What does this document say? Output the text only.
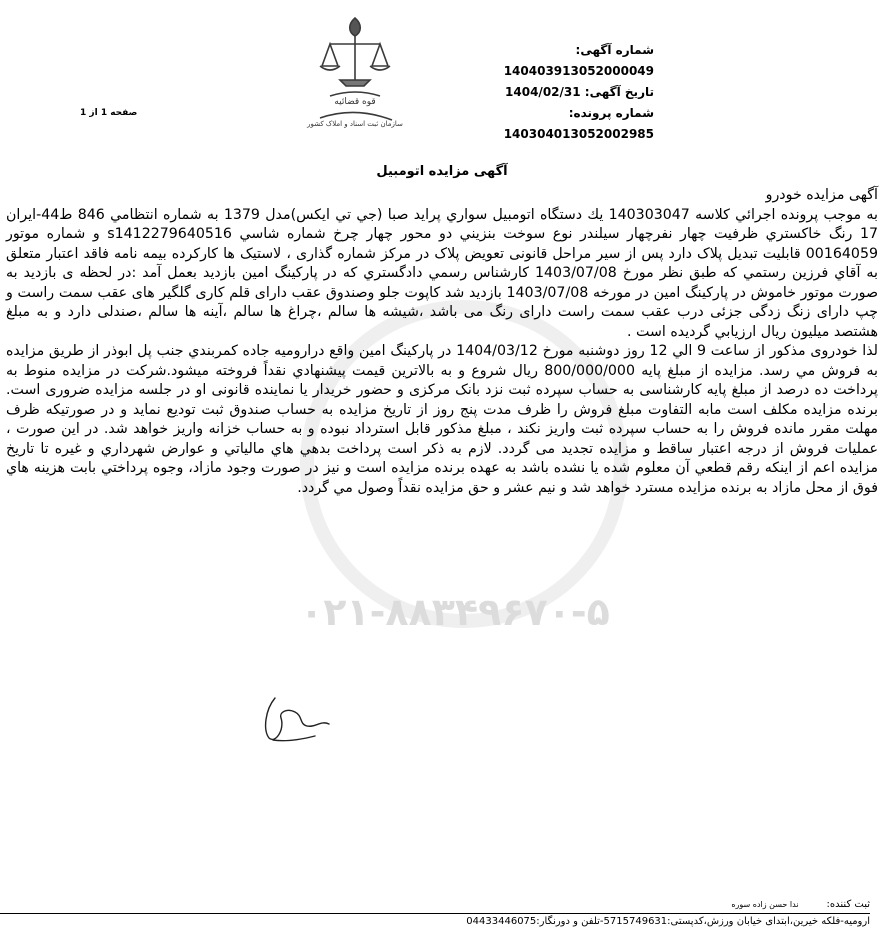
شماره آگهی: 140403913052000049
تاریخ آگهی: 1404/02/31
شماره پرونده: 140304013052002985
قوه قضائیه
سازمان ثبت اسناد و املاک کشور
صفحه 1 از 1
آگهی مزایده اتومبیل

آگهی مزایده خودرو

به موجب پرونده اجرائي كلاسه 140303047 يك دستگاه اتومبيل سواري پرايد صبا (جي تي ايكس)مدل 1379 به شماره انتظامي 846 ط44-ايران 17 رنگ خاكستري ظرفيت چهار نفرچهار سيلندر نوع سوخت بنزيني دو محور چهار چرخ شماره شاسي s1412279640516 و شماره موتور 00164059 قابليت تبديل پلاک دارد پس از سیر مراحل قانونی تعویض پلاک در مرکز شماره گذاری ، لاستیک ها کارکرده بیمه نامه فاقد اعتبار متعلق به آقاي فرزين رستمي كه طبق نظر مورخ 1403/07/08 كارشناس رسمي دادگستري كه در پاركينگ امين بازديد بعمل آمد :در لحظه ی بازدید به صورت موتور خاموش در پارکینگ امین در مورخه 1403/07/08 بازدید شد کاپوت جلو وصندوق عقب دارای قلم کاری گلگیر های عقب سمت راست و چپ دارای زنگ زدگی جزئی درب عقب سمت راست دارای رنگ می باشد ،شیشه ها سالم ،چراغ ها سالم ،آینه ها سالم ،صندلی دارد و به مبلغ هشتصد میلیون ریال ارزيابي گرديده است .

لذا خودروی مذكور از ساعت 9 الي 12 روز دوشنبه مورخ 1404/03/12 در پاركينگ امين واقع دراروميه جاده كمربندي جنب پل ابوذر از طريق مزايده به فروش مي رسد. مزايده از مبلغ پايه 800/000/000 ريال شروع و به بالاترين قيمت پيشنهادي نقداً فروخته ميشود.شرکت در مزایده منوط به پرداخت ده درصد از مبلغ پایه کارشناسی به حساب سپرده ثبت نزد بانک مرکزی و حضور خریدار یا نماینده قانونی او در جلسه مزایده ضروری است. برنده مزایده مکلف است مابه التفاوت مبلغ فروش را ظرف مدت پنج روز از تاریخ مزایده به حساب صندوق ثبت تودیع نماید و در صورتیکه ظرف مهلت مقرر مانده فروش را به حساب سپرده ثبت واریز نکند ، مبلغ مذکور قابل استرداد نبوده و به حساب خزانه واریز خواهد شد. در این صورت ، عملیات فروش از درجه اعتبار ساقط و مزایده تجدید می گردد. لازم به ذکر است پرداخت بدهي هاي مالياتي و عوارض شهرداري و غيره تا تاريخ مزايده اعم از اينكه رقم قطعي آن معلوم شده يا نشده باشد به عهده برنده مزايده است و نيز در صورت وجود مازاد، وجوه پرداختي بابت هزينه هاي فوق از محل مازاد به برنده مزايده مسترد خواهد شد و نيم عشر و حق مزايده نقداً وصول مي گردد.

۰۲۱-۸۸۳۴۹۶۷۰-۵
ثبت کننده:
ندا حسن زاده سوره
ارومیه-فلکه خیرین،ابتدای خیابان ورزش،کدپستی:5715749631-تلفن و دورنگار:04433446075
